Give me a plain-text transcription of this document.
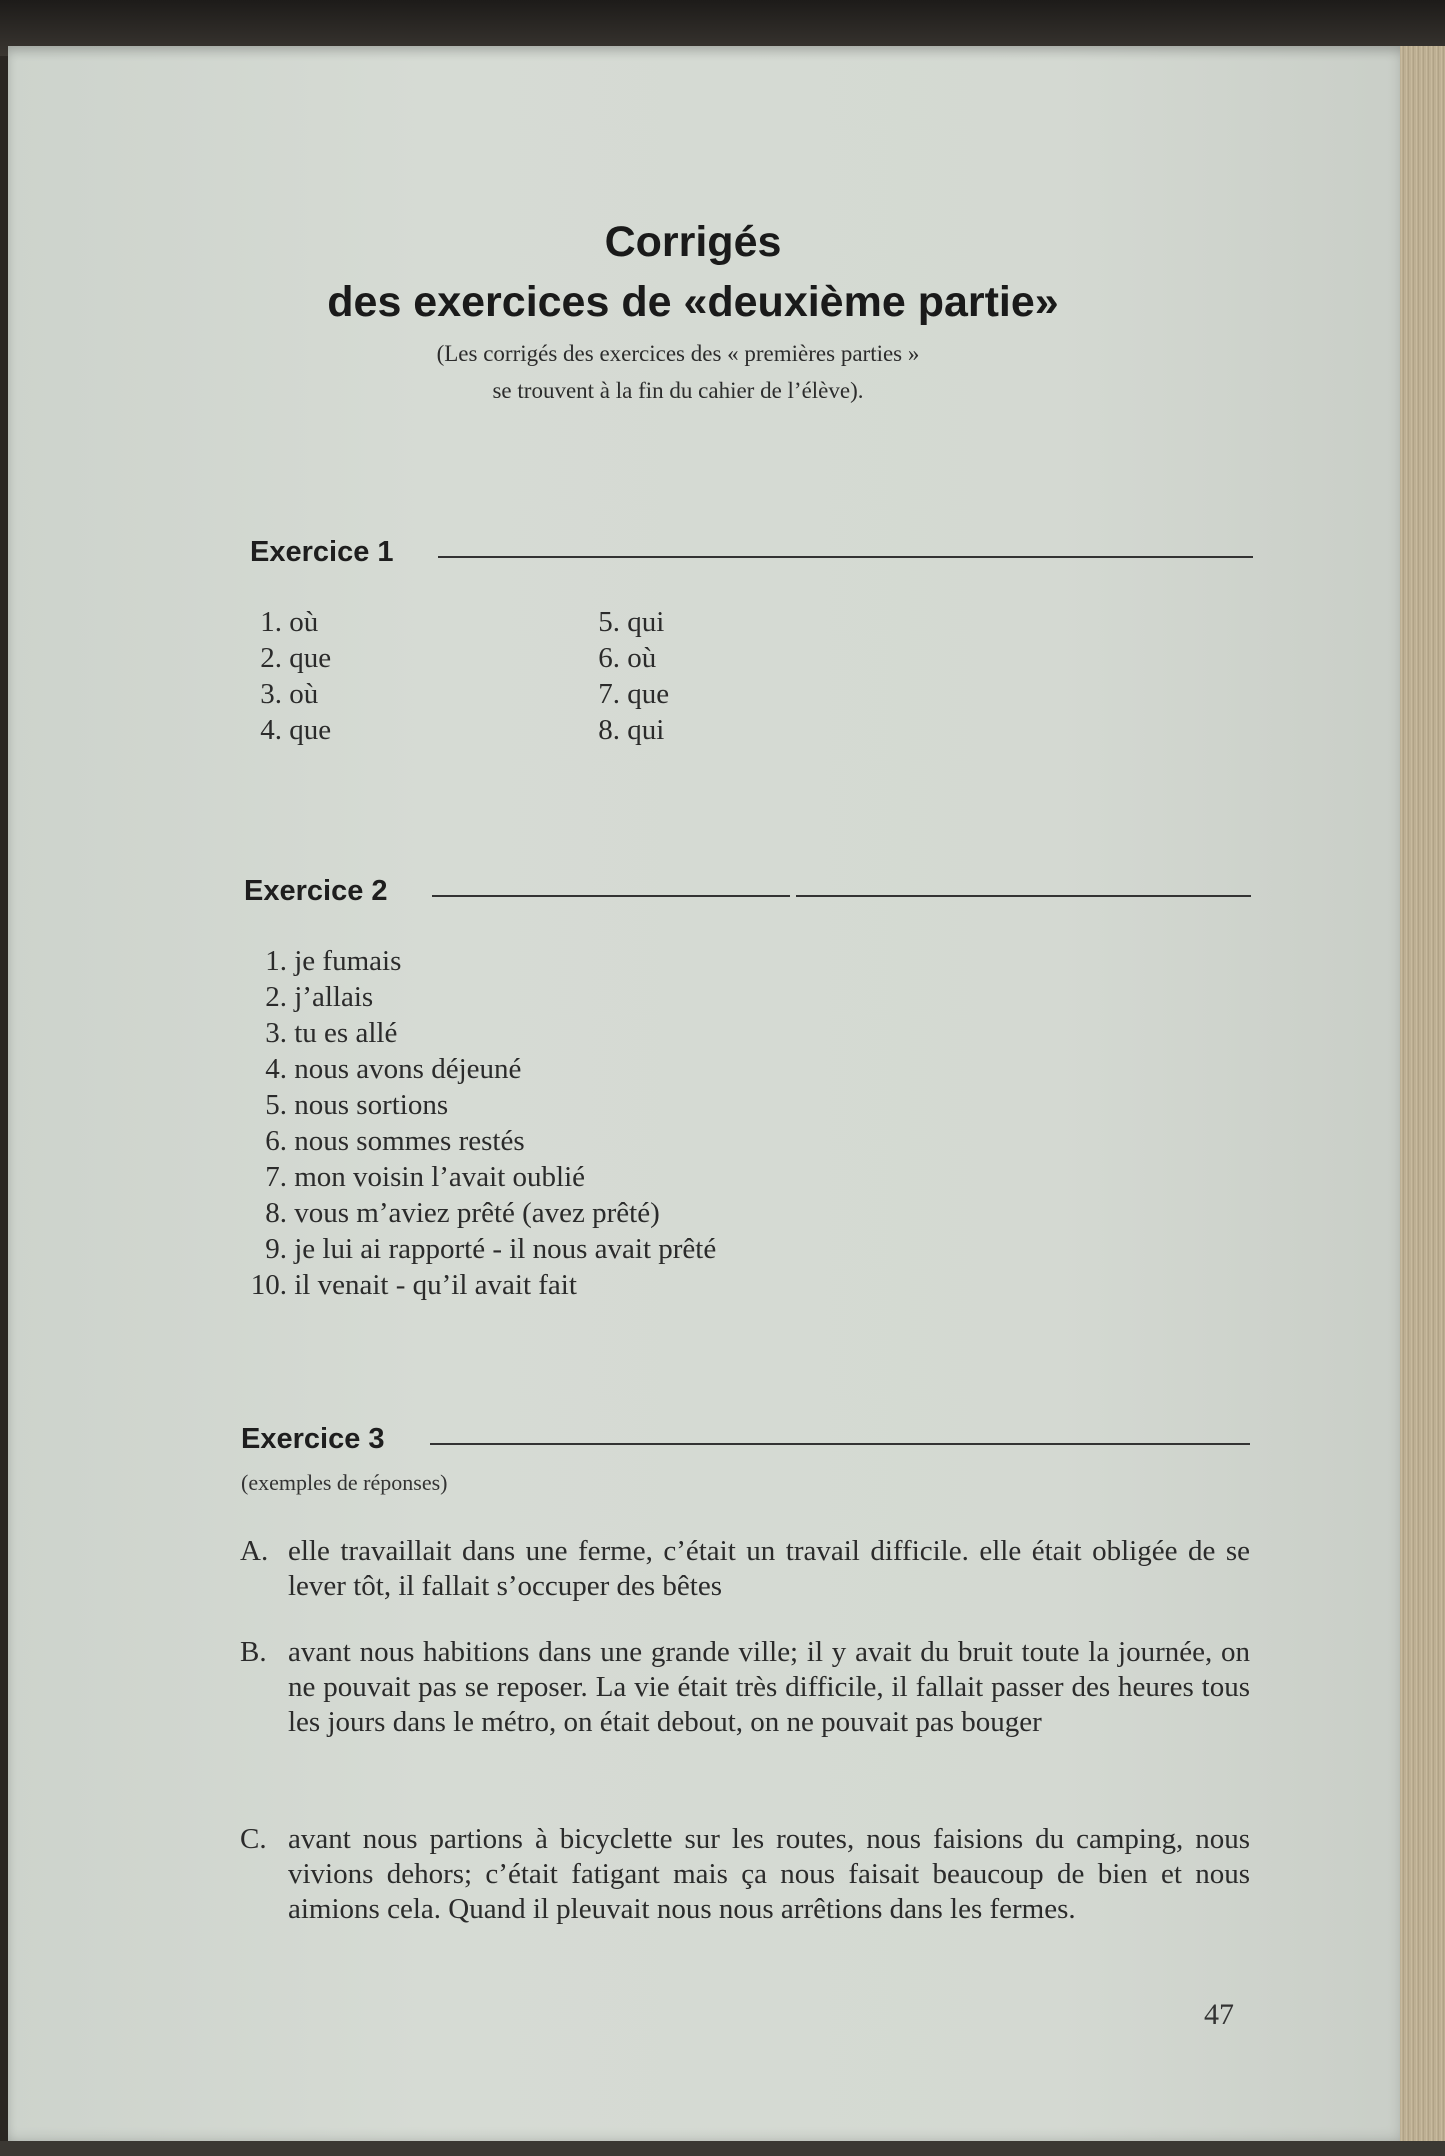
Corrigés
des exercices de «deuxième partie»
(Les corrigés des exercices des « premières parties »
se trouvent à la fin du cahier de l’élève).
Exercice 1
1. où
2. que
3. où
4. que
5. qui
6. où
7. que
8. qui
Exercice 2
1. je fumais
2. j’allais
3. tu es allé
4. nous avons déjeuné
5. nous sortions
6. nous sommes restés
7. mon voisin l’avait oublié
8. vous m’aviez prêté (avez prêté)
9. je lui ai rapporté - il nous avait prêté
10. il venait - qu’il avait fait
Exercice 3
(exemples de réponses)
A. elle travaillait dans une ferme, c’était un travail difficile. elle était obligée de se lever tôt, il fallait s’occuper des bêtes
B. avant nous habitions dans une grande ville; il y avait du bruit toute la journée, on ne pouvait pas se reposer. La vie était très difficile, il fallait passer des heures tous les jours dans le métro, on était debout, on ne pouvait pas bouger
C. avant nous partions à bicyclette sur les routes, nous faisions du camping, nous vivions dehors; c’était fatigant mais ça nous faisait beaucoup de bien et nous aimions cela. Quand il pleuvait nous nous arrêtions dans les fermes.
47
